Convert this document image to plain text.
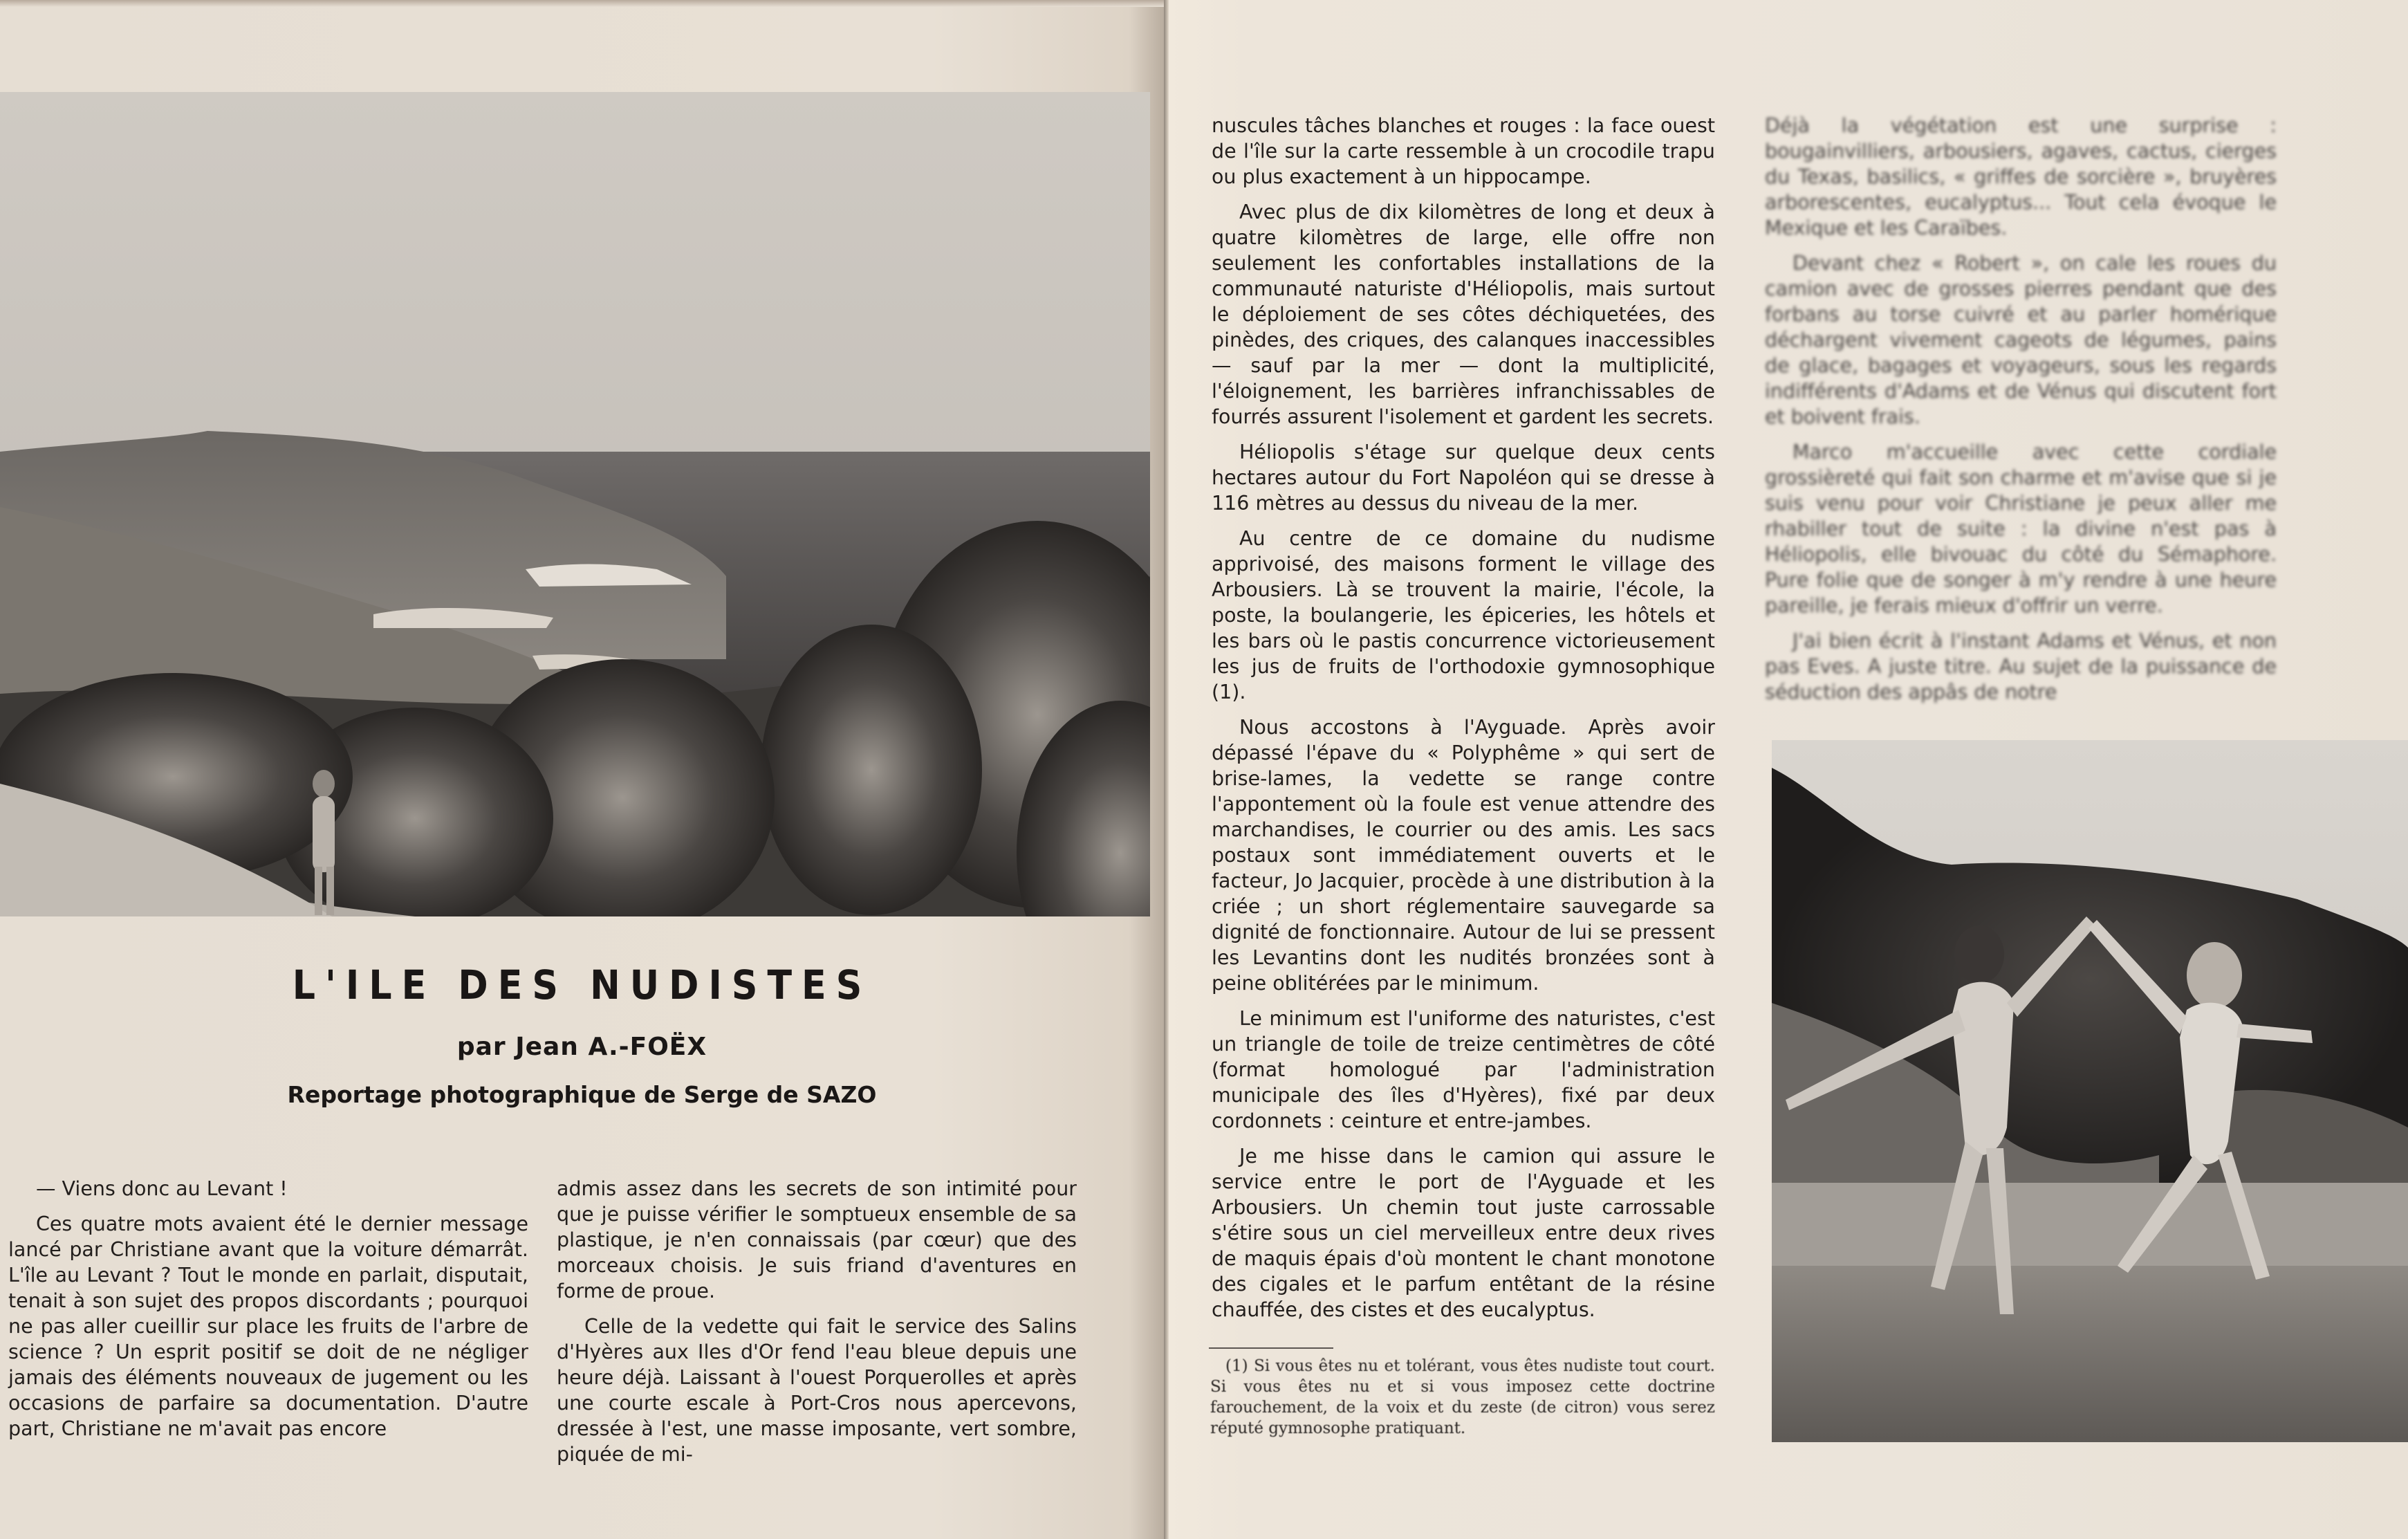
L'ILE DES NUDISTES
par Jean A.-FOËX
Reportage photographique de Serge de SAZO

— Viens donc au Levant !

Ces quatre mots avaient été le dernier message lancé par Christiane avant que la voiture démarrât. L'île au Levant ? Tout le monde en parlait, disputait, tenait à son sujet des propos discordants ; pourquoi ne pas aller cueillir sur place les fruits de l'arbre de science ? Un esprit positif se doit de ne négliger jamais des éléments nouveaux de jugement ou les occasions de parfaire sa documentation. D'autre part, Christiane ne m'avait pas encore

admis assez dans les secrets de son intimité pour que je puisse vérifier le somptueux ensemble de sa plastique, je n'en connaissais (par cœur) que des morceaux choisis. Je suis friand d'aventures en forme de proue.

Celle de la vedette qui fait le service des Salins d'Hyères aux Iles d'Or fend l'eau bleue depuis une heure déjà. Laissant à l'ouest Porquerolles et après une courte escale à Port-Cros nous apercevons, dressée à l'est, une masse imposante, vert sombre, piquée de mi-

nuscules tâches blanches et rouges : la face ouest de l'île sur la carte ressemble à un crocodile trapu ou plus exactement à un hippocampe.

Avec plus de dix kilomètres de long et deux à quatre kilomètres de large, elle offre non seulement les confortables installations de la communauté naturiste d'Héliopolis, mais surtout le déploiement de ses côtes déchiquetées, des pinèdes, des criques, des calanques inaccessibles — sauf par la mer — dont la multiplicité, l'éloignement, les barrières infranchissables de fourrés assurent l'isolement et gardent les secrets.

Héliopolis s'étage sur quelque deux cents hectares autour du Fort Napoléon qui se dresse à 116 mètres au dessus du niveau de la mer.

Au centre de ce domaine du nudisme apprivoisé, des maisons forment le village des Arbousiers. Là se trouvent la mairie, l'école, la poste, la boulangerie, les épiceries, les hôtels et les bars où le pastis concurrence victorieusement les jus de fruits de l'orthodoxie gymnosophique (1).

Nous accostons à l'Ayguade. Après avoir dépassé l'épave du « Polyphême » qui sert de brise-lames, la vedette se range contre l'appontement où la foule est venue attendre des marchandises, le courrier ou des amis. Les sacs postaux sont immédiatement ouverts et le facteur, Jo Jacquier, procède à une distribution à la criée ; un short réglementaire sauvegarde sa dignité de fonctionnaire. Autour de lui se pressent les Levantins dont les nudités bronzées sont à peine oblitérées par le minimum.

Le minimum est l'uniforme des naturistes, c'est un triangle de toile de treize centimètres de côté (format homologué par l'administration municipale des îles d'Hyères), fixé par deux cordonnets : ceinture et entre-jambes.

Je me hisse dans le camion qui assure le service entre le port de l'Ayguade et les Arbousiers. Un chemin tout juste carrossable s'étire sous un ciel merveilleux entre deux rives de maquis épais d'où montent le chant monotone des cigales et le parfum entêtant de la résine chauffée, des cistes et des eucalyptus.

(1) Si vous êtes nu et tolérant, vous êtes nudiste tout court. Si vous êtes nu et si vous imposez cette doctrine farouchement, de la voix et du zeste (de citron) vous serez réputé gymnosophe pratiquant.

Déjà la végétation est une surprise : bougainvilliers, arbousiers, agaves, cactus, cierges du Texas, basilics, « griffes de sorcière », bruyères arborescentes, eucalyptus... Tout cela évoque le Mexique et les Caraïbes.

Devant chez « Robert », on cale les roues du camion avec de grosses pierres pendant que des forbans au torse cuivré et au parler homérique déchargent vivement cageots de légumes, pains de glace, bagages et voyageurs, sous les regards indifférents d'Adams et de Vénus qui discutent fort et boivent frais.

Marco m'accueille avec cette cordiale grossièreté qui fait son charme et m'avise que si je suis venu pour voir Christiane je peux aller me rhabiller tout de suite : la divine n'est pas à Héliopolis, elle bivouac du côté du Sémaphore. Pure folie que de songer à m'y rendre à une heure pareille, je ferais mieux d'offrir un verre.

J'ai bien écrit à l'instant Adams et Vénus, et non pas Eves. A juste titre. Au sujet de la puissance de séduction des appâs de notre
